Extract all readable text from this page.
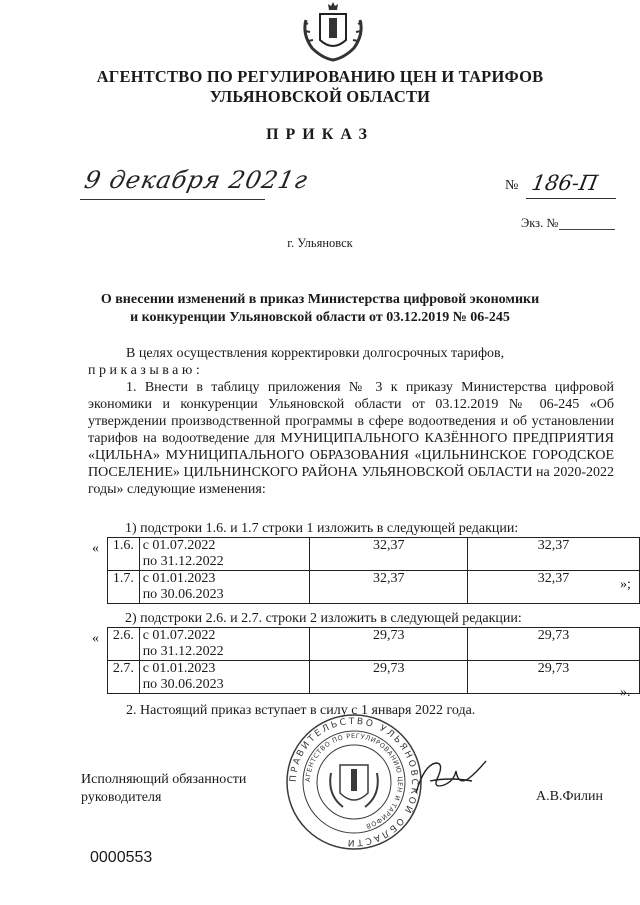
АГЕНТСТВО ПО РЕГУЛИРОВАНИЮ ЦЕН И ТАРИФОВ
УЛЬЯНОВСКОЙ ОБЛАСТИ
ПРИКАЗ
9 декабря 2021г	№ 186-П
Экз. №
г. Ульяновск
О внесении изменений в приказ Министерства цифровой экономики
и конкуренции Ульяновской области от 03.12.2019 № 06-245
В целях осуществления корректировки долгосрочных тарифов,
приказываю:
1. Внести в таблицу приложения № 3 к приказу Министерства цифровой экономики и конкуренции Ульяновской области от 03.12.2019 № 06-245 «Об утверждении производственной программы в сфере водоотведения и об установлении тарифов на водоотведение для МУНИЦИПАЛЬНОГО КАЗЁННОГО ПРЕДПРИЯТИЯ «ЦИЛЬНА» МУНИЦИПАЛЬНОГО ОБРАЗОВАНИЯ «ЦИЛЬНИНСКОЕ ГОРОДСКОЕ ПОСЕЛЕНИЕ» ЦИЛЬНИНСКОГО РАЙОНА УЛЬЯНОВСКОЙ ОБЛАСТИ на 2020-2022 годы» следующие изменения:
1) подстроки 1.6. и 1.7 строки 1 изложить в следующей редакции:
« 1.6.	с 01.07.2022
по 31.12.2022	32,37	32,37
1.7.	с 01.01.2023
по 30.06.2023	32,37	32,37	»;
2) подстроки 2.6. и 2.7. строки 2 изложить в следующей редакции:
« 2.6.	с 01.07.2022
по 31.12.2022	29,73	29,73
2.7.	с 01.01.2023
по 30.06.2023	29,73	29,73
».
2. Настоящий приказ вступает в силу с 1 января 2022 года.
ПРАВИТЕЛЬСТВО УЛЬЯНОВСКОЙ ОБЛАСТИ
АГЕНТСТВО ПО РЕГУЛИРОВАНИЮ ЦЕН И ТАРИФОВ
Исполняющий обязанности
руководителя	А.В.Филин
0000553
